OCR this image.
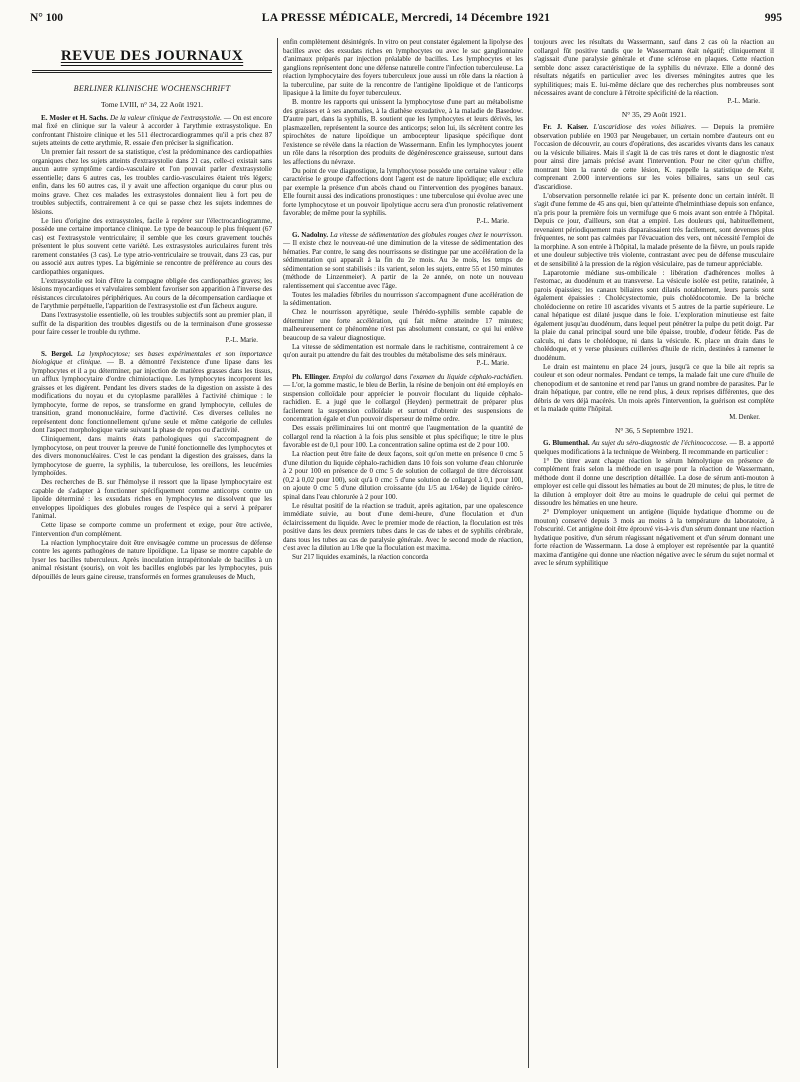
N° 100	LA PRESSE MÉDICALE, Mercredi, 14 Décembre 1921	995
REVUE DES JOURNAUX
BERLINER KLINISCHE WOCHENSCHRIFT
Tome LVIII, n° 34, 22 Août 1921.

E. Mosler et H. Sachs. De la valeur clinique de l'extrasystolie. — On est encore mal fixé en clinique sur la valeur à accorder à l'arythmie extrasystolique. En confrontant l'histoire clinique et les 511 électrocardiogrammes qu'il a pris chez 87 sujets atteints de cette arythmie, R. essaie d'en préciser la signification.

Un premier fait ressort de sa statistique, c'est la prédominance des cardiopathies organiques chez les sujets atteints d'extrasystolie dans 21 cas, celle-ci existait sans aucun autre symptôme cardio-vasculaire et l'on pouvait parler d'extrasystolie essentielle; dans 6 autres cas, les troubles cardio-vasculaires étaient très légers; enfin, dans les 60 autres cas, il y avait une affection organique du cœur plus ou moins grave. Chez ces malades les extrasystoles donnaient lieu à fort peu de troubles subjectifs, contrairement à ce qui se passe chez les sujets indemnes de lésions.

Le lieu d'origine des extrasystoles, facile à repérer sur l'électrocardiogramme, possède une certaine importance clinique. Le type de beaucoup le plus fréquent (67 cas) est l'extrasystole ventriculaire; il semble que les cœurs gravement touchés présentent le plus souvent cette variété. Les extrasystoles auriculaires furent très rarement constatées (3 cas). Le type atrio-ventriculaire se trouvait, dans 23 cas, pur ou associé aux autres types. La bigéminie se rencontre de préférence au cours des cardiopathies organiques.

L'extrasystolie est loin d'être la compagne obligée des cardiopathies graves; les lésions myocardiques et valvulaires semblent favoriser son apparition à l'inverse des résistances circulatoires périphériques. Au cours de la décompensation cardiaque et de l'arythmie perpétuelle, l'apparition de l'extrasystolie est d'un fâcheux augure.

Dans l'extrasystolie essentielle, où les troubles subjectifs sont au premier plan, il suffit de la disparition des troubles digestifs ou de la terminaison d'une grossesse pour faire cesser le trouble du rythme.

P.-L. Marie.

S. Bergel. La lymphocytose; ses bases expérimentales et son importance biologique et clinique. — B. a démontré l'existence d'une lipase dans les lymphocytes et il a pu déterminer, par injection de matières grasses dans les tissus, un afflux lymphocytaire d'ordre chimiotactique. Les lymphocytes incorporent les graisses et les digèrent. Pendant les divers stades de la digestion on assiste à des modifications du noyau et du cytoplasme parallèles à l'activité chimique : le lymphocyte, forme de repos, se transforme en grand lymphocyte, cellules de transition, grand mononucléaire, forme d'activité. Ces diverses cellules ne représentent donc fonctionnellement qu'une seule et même catégorie de cellules dont l'aspect morphologique varie suivant la phase de repos ou d'activité.

Cliniquement, dans maints états pathologiques qui s'accompagnent de lymphocytose, on peut trouver la preuve de l'unité fonctionnelle des lymphocytes et des divers mononucléaires. C'est le cas pendant la digestion des graisses, dans la lymphocytose de guerre, la syphilis, la tuberculose, les oreillons, les leucémies lymphoïdes.

Des recherches de B. sur l'hémolyse il ressort que la lipase lymphocytaire est capable de s'adapter à fonctionner spécifiquement comme anticorps contre un lipoïde déterminé : les exsudats riches en lymphocytes ne dissolvent que les enveloppes lipoïdiques des globules rouges de l'espèce qui a servi à préparer l'animal.

Cette lipase se comporte comme un proferment et exige, pour être activée, l'intervention d'un complément.

La réaction lymphocytaire doit être envisagée comme un processus de défense contre les agents pathogènes de nature lipoïdique. La lipase se montre capable de lyser les bacilles tuberculeux. Après inoculation intrapéritonéale de bacilles à un animal résistant (souris), on voit les bacilles englobés par les lymphocytes, puis dépouillés de leurs gaine cireuse, transformés en formes granuleuses de Much,

enfin complètement désintégrés. In vitro on peut constater également la lipolyse des bacilles avec des exsudats riches en lymphocytes ou avec le suc ganglionnaire d'animaux préparés par injection préalable de bacilles. Les lymphocytes et les ganglions représentent donc une défense naturelle contre l'infection tuberculeuse. La réaction lymphocytaire des foyers tuberculeux joue aussi un rôle dans la réaction à la tuberculine, par suite de la rencontre de l'antigène lipoïdique et de l'anticorps lipasique à la limite du foyer tuberculeux.

B. montre les rapports qui unissent la lymphocytose d'une part au métabolisme des graisses et à ses anomalies, à la diathèse exsudative, à la maladie de Basedow. D'autre part, dans la syphilis, B. soutient que les lymphocytes et leurs dérivés, les plasmazellen, représentent la source des anticorps; selon lui, ils sécrètent contre les spirochètes de nature lipoïdique un ambocepteur lipasique spécifique dont l'existence se révèle dans la réaction de Wassermann. Enfin les lymphocytes jouent un rôle dans la résorption des produits de dégénérescence graisseuse, surtout dans les affections du névraxe.

Du point de vue diagnostique, la lymphocytose possède une certaine valeur : elle caractérise le groupe d'affections dont l'agent est de nature lipoïdique; elle exclura par exemple la présence d'un abcès chaud ou l'intervention des pyogènes banaux. Elle fournit aussi des indications pronostiques : une tuberculose qui évolue avec une forte lymphocytose et un pouvoir lipolytique accru sera d'un pronostic relativement favorable; de même pour la syphilis.

P.-L. Marie.

G. Nadolny. La vitesse de sédimentation des globules rouges chez le nourrisson. — Il existe chez le nouveau-né une diminution de la vitesse de sédimentation des hématies. Par contre, le sang des nourrissons se distingue par une accélération de la sédimentation qui apparaît à la fin du 2e mois. Au 3e mois, les temps de sédimentation se sont stabilisés : ils varient, selon les sujets, entre 55 et 150 minutes (méthode de Linzenmeier). A partir de la 2e année, on note un nouveau ralentissement qui s'accentue avec l'âge.

Toutes les maladies fébriles du nourrisson s'accompagnent d'une accélération de la sédimentation.

Chez le nourrisson apyrétique, seule l'hérédo-syphilis semble capable de déterminer une forte accélération, qui fait même atteindre 17 minutes; malheureusement ce phénomène n'est pas absolument constant, ce qui lui enlève beaucoup de sa valeur diagnostique.

La vitesse de sédimentation est normale dans le rachitisme, contrairement à ce qu'on aurait pu attendre du fait des troubles du métabolisme des sels minéraux.

P.-L. Marie.

Ph. Ellinger. Emploi du collargol dans l'examen du liquide céphalo-rachidien. — L'or, la gomme mastic, le bleu de Berlin, la résine de benjoin ont été employés en suspension colloïdale pour apprécier le pouvoir floculant du liquide céphalo-rachidien. E. a jugé que le collargol (Heyden) permettrait de préparer plus facilement la suspension colloïdale et surtout d'obtenir des suspensions de concentration égale et d'un pouvoir disperseur de même ordre.

Des essais préliminaires lui ont montré que l'augmentation de la quantité de collargol rend la réaction à la fois plus sensible et plus spécifique; le titre le plus favorable est de 0,1 pour 100. La concentration saline optima est de 2 pour 100.

La réaction peut être faite de deux façons, soit qu'on mette en présence 0 cmc 5 d'une dilution du liquide céphalo-rachidien dans 10 fois son volume d'eau chlorurée à 2 pour 100 en présence de 0 cmc 5 de solution de collargol de titre décroissant (0,2 à 0,02 pour 100), soit qu'à 0 cmc 5 d'une solution de collargol à 0,1 pour 100, on ajoute 0 cmc 5 d'une dilution croissante (du 1/5 au 1/64e) de liquide céréro-spinal dans l'eau chlorurée à 2 pour 100.

Le résultat positif de la réaction se traduit, après agitation, par une opalescence immédiate suivie, au bout d'une demi-heure, d'une floculation et d'un éclaircissement du liquide. Avec le premier mode de réaction, la floculation est très positive dans les deux premiers tubes dans le cas de tabes et de syphilis cérébrale, dans tous les tubes au cas de paralysie générale. Avec le second mode de réaction, c'est avec la dilution au 1/8e que la floculation est maxima.

Sur 217 liquides examinés, la réaction concorda

toujours avec les résultats du Wassermann, sauf dans 2 cas où la réaction au collargol fût positive tandis que le Wassermann était négatif; cliniquement il s'agissait d'une paralysie générale et d'une sclérose en plaques. Cette réaction semble donc assez caractéristique de la syphilis du névraxe. Elle a donné des résultats négatifs en particulier avec les diverses méningites autres que les syphilitiques; mais E. lui-même déclare que des recherches plus nombreuses sont nécessaires avant de conclure à l'étroite spécificité de la réaction.

P.-L. Marie.
N° 35, 29 Août 1921.

Fr. J. Kaiser. L'ascaridiose des voies biliaires. — Depuis la première observation publiée en 1903 par Neugebauer, un certain nombre d'auteurs ont eu l'occasion de découvrir, au cours d'opérations, des ascarides vivants dans les canaux ou la vésicule biliaires. Mais il s'agit là de cas très rares et dont le diagnostic n'est pour ainsi dire jamais précisé avant l'intervention. Pour ne citer qu'un chiffre, montrant bien la rareté de cette lésion, K. rappelle la statistique de Kehr, comprenant 2.000 interventions sur les voies biliaires, sans un seul cas d'ascaridiose.

L'observation personnelle relatée ici par K. présente donc un certain intérêt. Il s'agit d'une femme de 45 ans qui, bien qu'atteinte d'helminthiase depuis son enfance, n'a pris pour la première fois un vermifuge que 6 mois avant son entrée à l'hôpital. Depuis ce jour, d'ailleurs, son état a empiré. Les douleurs qui, habituellement, revenaient périodiquement mais disparaissaient très facilement, sont devenues plus fréquentes, ne sont pas calmées par l'évacuation des vers, ont nécessité l'emploi de la morphine. A son entrée à l'hôpital, la malade présente de la fièvre, un pouls rapide et une douleur subjective très violente, contrastant avec peu de défense musculaire et de sensibilité à la pression de la région vésiculaire, pas de tumeur appréciable.

Laparotomie médiane sus-ombilicale : libération d'adhérences molles à l'estomac, au duodénum et au transverse. La vésicule isolée est petite, ratatinée, à parois épaissies; les canaux biliaires sont dilatés notablement, leurs parois sont également épaissies : Cholécystectomie, puis cholédocotomie. De la brèche cholédocienne on retire 10 ascarides vivants et 5 autres de la partie supérieure. Le canal hépatique est dilaté jusque dans le foie. L'exploration minutieuse est faite également jusqu'au duodénum, dans lequel peut pénétrer la pulpe du petit doigt. Par la plaie du canal principal sourd une bile épaisse, trouble, d'odeur fétide. Pas de calculs, ni dans le cholédoque, ni dans la vésicule. K. place un drain dans le cholédoque, et y verse plusieurs cuillerées d'huile de ricin, destinées à ramener le duodénum.

Le drain est maintenu en place 24 jours, jusqu'à ce que la bile ait repris sa couleur et son odeur normales. Pendant ce temps, la malade fait une cure d'huile de chenopodium et de santonine et rend par l'anus un grand nombre de parasites. Par le drain hépatique, par contre, elle ne rend plus, à deux reprises différentes, que des débris de vers déjà macérés. Un mois après l'intervention, la guérison est complète et la malade quitte l'hôpital.

M. Denker.
N° 36, 5 Septembre 1921.

G. Blumenthal. Au sujet du séro-diagnostic de l'échinococcose. — B. a apporté quelques modifications à la technique de Weinberg. Il recommande en particulier :

1° De titrer avant chaque réaction le sérum hémolytique en présence de complément frais selon la méthode en usage pour la réaction de Wassermann, méthode dont il donne une description détaillée. La dose de sérum anti-mouton à employer est celle qui dissout les hématies au bout de 20 minutes; de plus, le titre de la dilution à employer doit être au moins le quadruple de celui qui permet de dissoudre les hématies en une heure.

2° D'employer uniquement un antigène (liquide hydatique d'homme ou de mouton) conservé depuis 3 mois au moins à la température du laboratoire, à l'obscurité. Cet antigène doit être éprouvé vis-à-vis d'un sérum donnant une réaction hydatique positive, d'un sérum réagissant négativement et d'un sérum donnant une forte réaction de Wassermann. La dose à employer est représentée par la quantité maxima d'antigène qui donne une réaction négative avec le sérum du sujet normal et avec le sérum syphilitique
